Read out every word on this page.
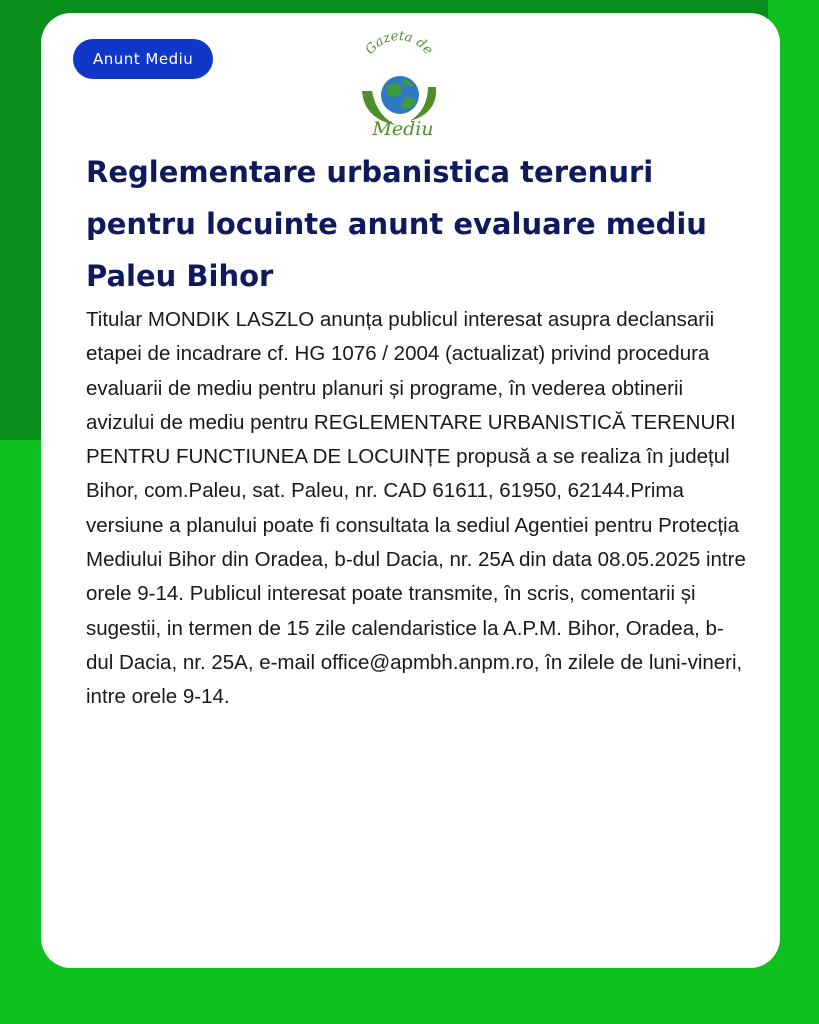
Anunt Mediu
Gazeta de
Mediu
Reglementare urbanistica terenuri pentru locuinte anunt evaluare mediu Paleu Bihor

Titular MONDIK LASZLO anunța publicul interesat asupra declansarii etapei de incadrare cf. HG 1076 / 2004 (actualizat) privind procedura evaluarii de mediu pentru planuri și programe, în vederea obtinerii avizului de mediu pentru REGLEMENTARE URBANISTICĂ TERENURI PENTRU FUNCTIUNEA DE LOCUINȚE propusă a se realiza în județul Bihor, com.Paleu, sat. Paleu, nr. CAD 61611, 61950, 62144.Prima versiune a planului poate fi consultata la sediul Agentiei pentru Protecția Mediului Bihor din Oradea, b-dul Dacia, nr. 25A din data 08.05.2025 intre orele 9-14. Publicul interesat poate transmite, în scris, comentarii și sugestii, in termen de 15 zile calendaristice la A.P.M. Bihor, Oradea, b-dul Dacia, nr. 25A, e-mail office@apmbh.anpm.ro, în zilele de luni-vineri, intre orele 9-14.
